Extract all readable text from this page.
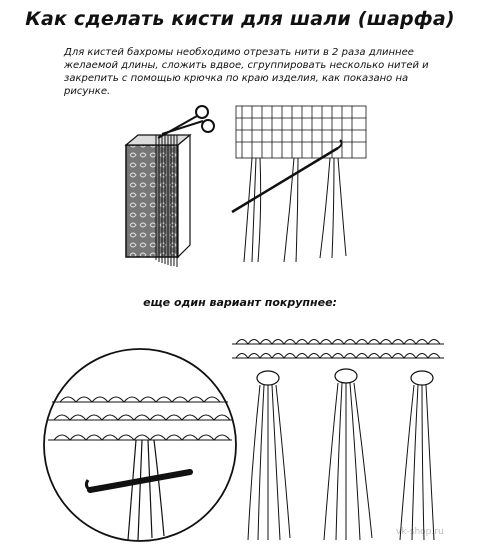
Как сделать кисти для шали (шарфа)
Для кистей бахромы необходимо отрезать нити в 2 раза длиннее желаемой длины, сложить вдвое, сгруппировать несколько нитей и закрепить с помощью крючка по краю изделия, как показано на рисунке.
еще один вариант покрупнее:
vk-shop.ru
